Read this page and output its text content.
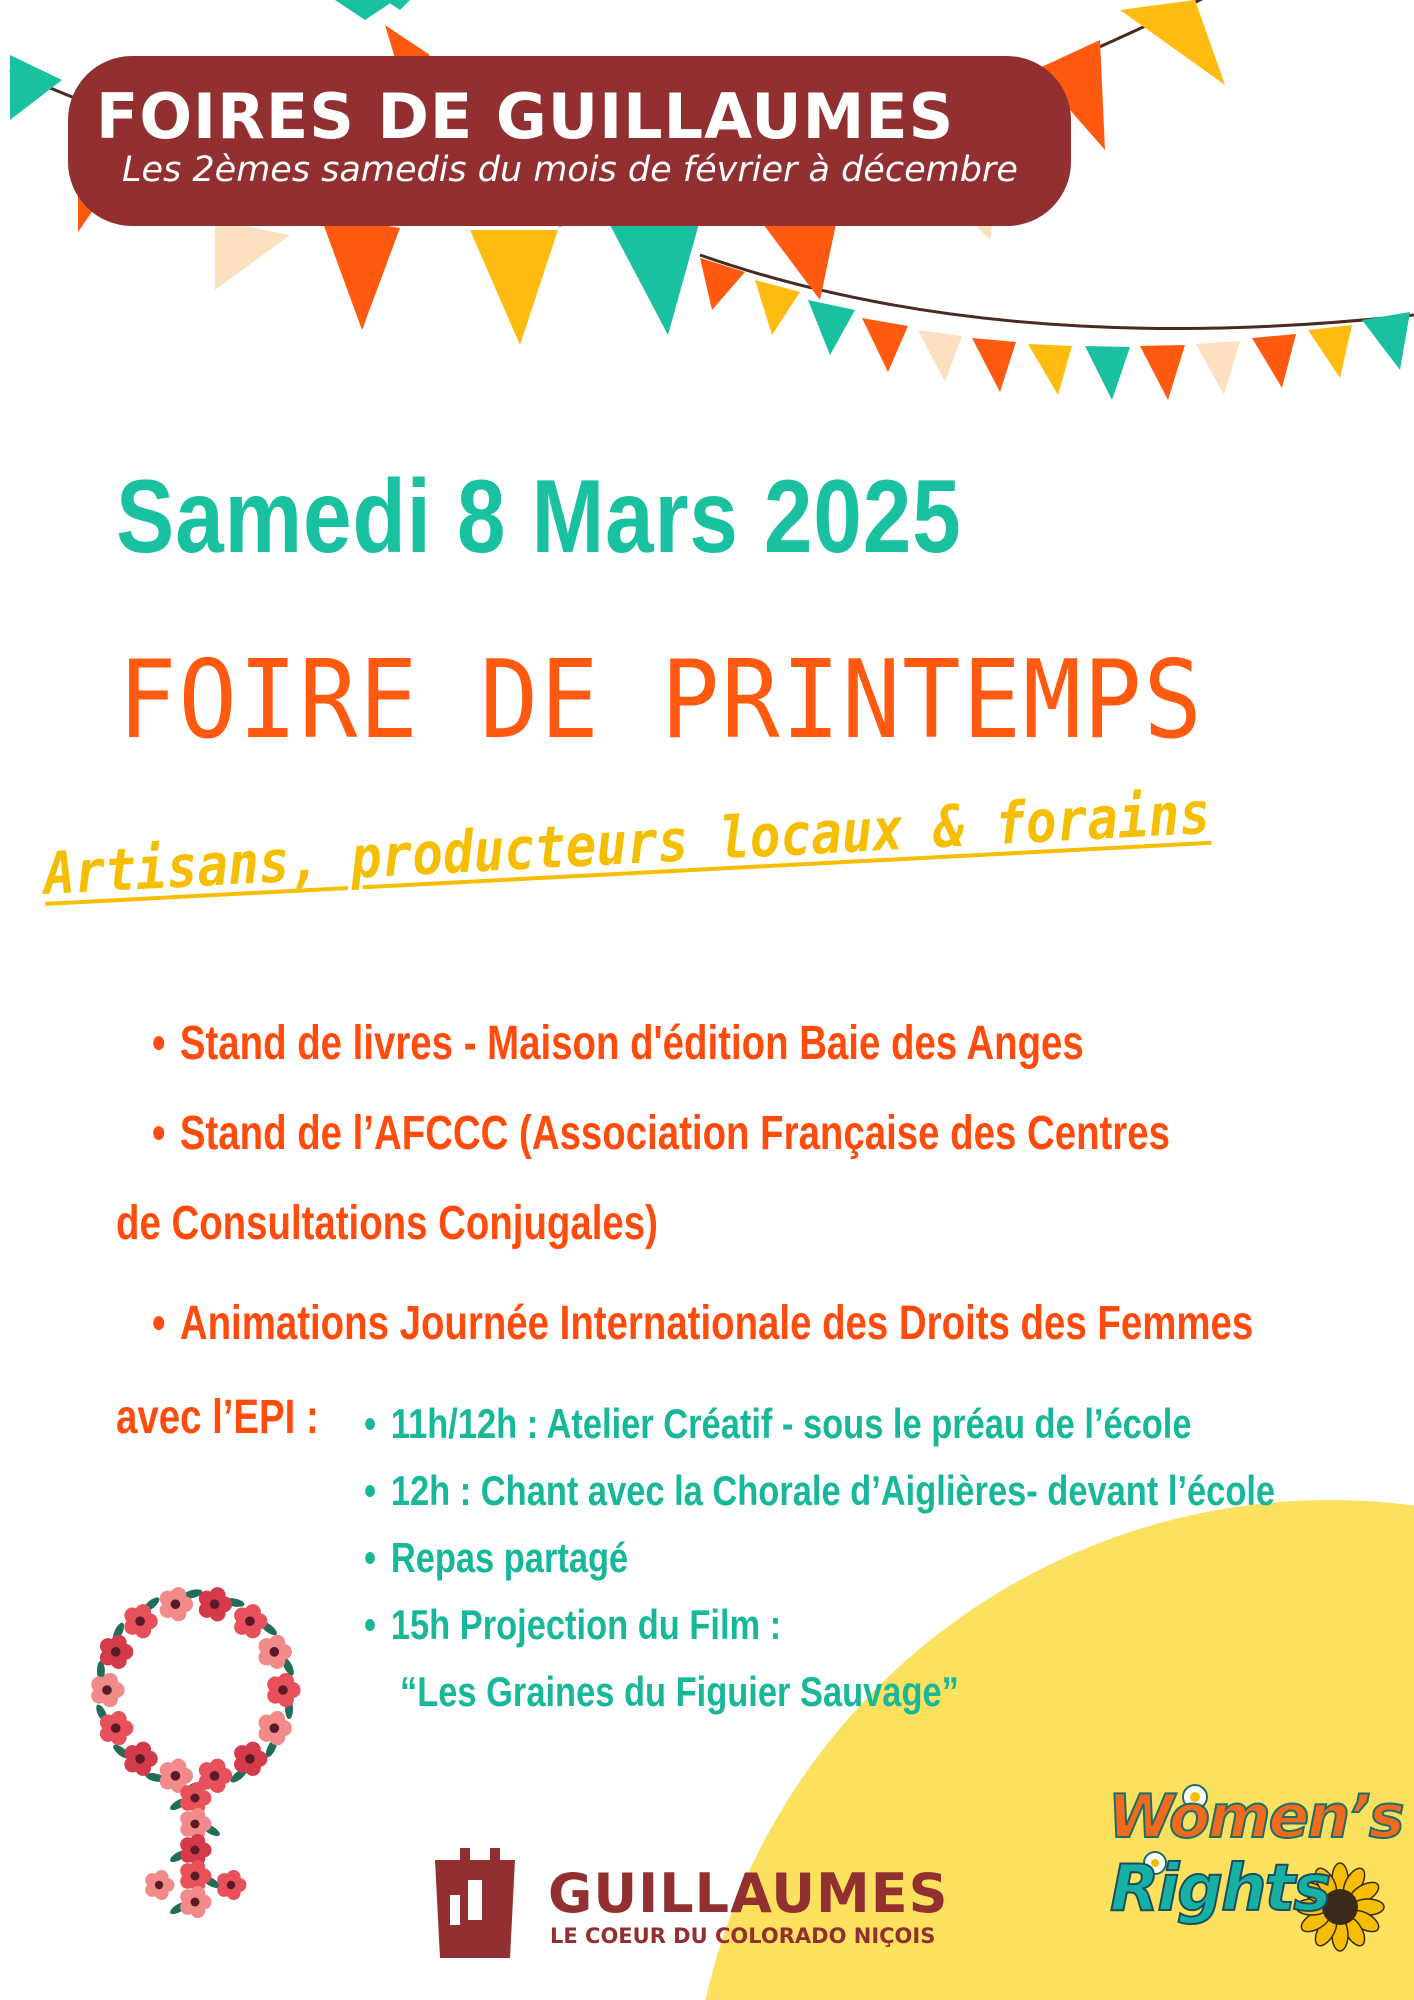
FOIRES DE GUILLAUMES
Les 2èmes samedis du mois de février à décembre
Samedi 8 Mars 2025
FOIRE DE PRINTEMPS
Artisans, producteurs locaux & forains
• Stand de livres - Maison d'édition Baie des Anges
• Stand de l’AFCCC (Association Française des Centres
de Consultations Conjugales)
• Animations Journée Internationale des Droits des Femmes
avec l’EPI : • 11h/12h : Atelier Créatif - sous le préau de l’école
• 12h : Chant avec la Chorale d’Aiglières- devant l’école
• Repas partagé
• 15h Projection du Film :
“Les Graines du Figuier Sauvage”
GUILLAUMES
LE COEUR DU COLORADO NIÇOIS
Women’s
Rights
